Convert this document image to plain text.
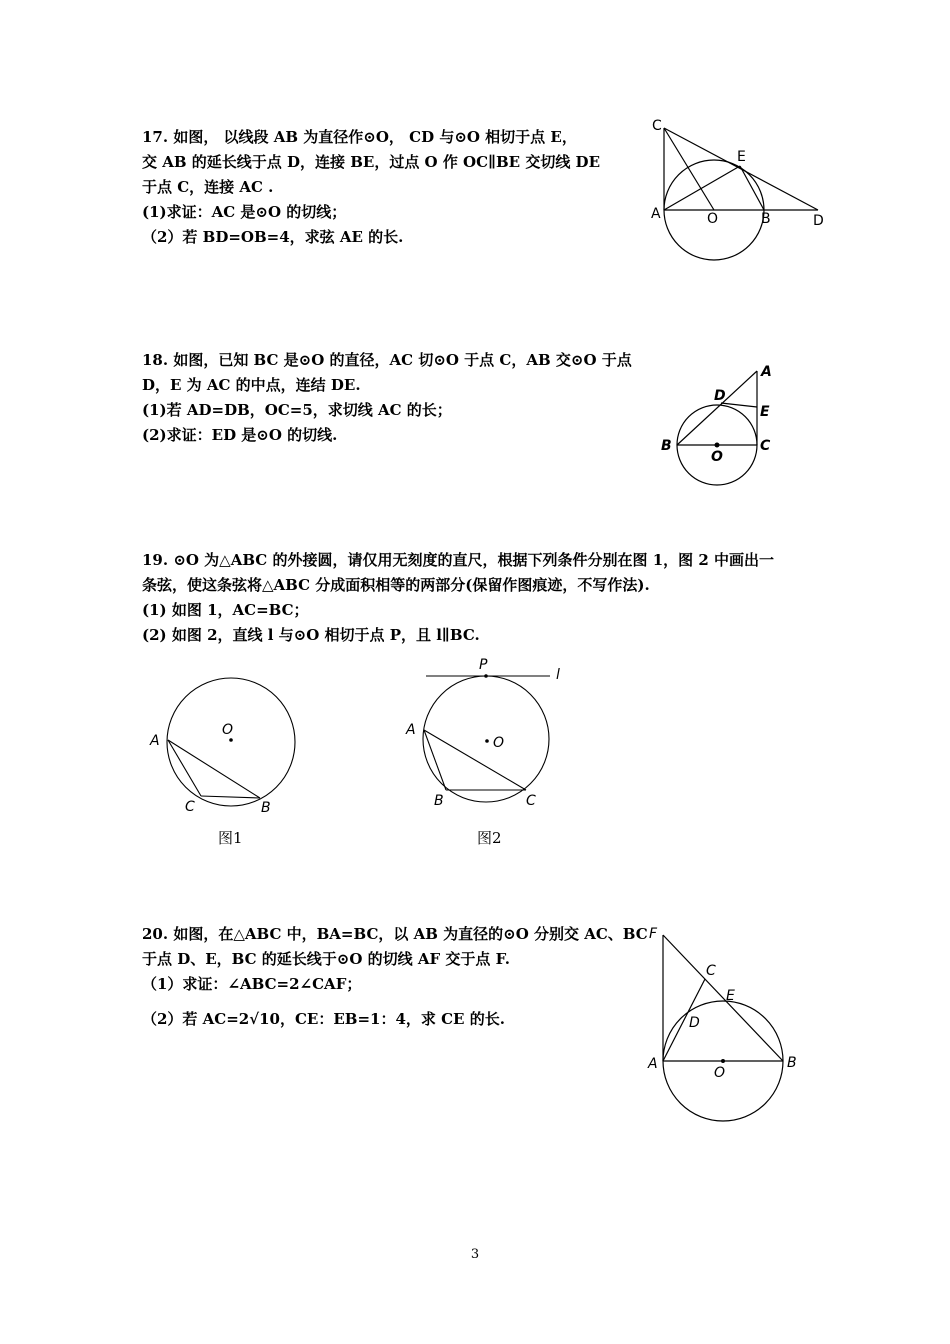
17. 如图， 以线段 AB 为直径作⊙O， CD 与⊙O 相切于点 E，

交 AB 的延长线于点 D，连接 BE，过点 O 作 OC∥BE 交切线 DE

于点 C，连接 AC .

(1)求证：AC 是⊙O 的切线；

（2）若 BD=OB=4，求弦 AE 的长.

C
E
A	O	B	D

18. 如图，已知 BC 是⊙O 的直径，AC 切⊙O 于点 C，AB 交⊙O 于点

D，E 为 AC 的中点，连结 DE.

(1)若 AD=DB，OC=5，求切线 AC 的长；

(2)求证：ED 是⊙O 的切线.

A
D
E
B
O
C

19. ⊙O 为△ABC 的外接圆，请仅用无刻度的直尺，根据下列条件分别在图 1，图 2 中画出一

条弦，使这条弦将△ABC 分成面积相等的两部分(保留作图痕迹，不写作法).

(1) 如图 1，AC=BC；

(2) 如图 2，直线 l 与⊙O 相切于点 P，且 l∥BC.

A
O
C	B
图1
P
l
A
O
B	C
图2

20. 如图，在△ABC 中，BA=BC，以 AB 为直径的⊙O 分别交 AC、BC

于点 D、E，BC 的延长线于⊙O 的切线 AF 交于点 F.

（1）求证：∠ABC=2∠CAF；

（2）若 AC=2√10，CE：EB=1：4，求 CE 的长.

F
C
E
D
A
O
B
3
